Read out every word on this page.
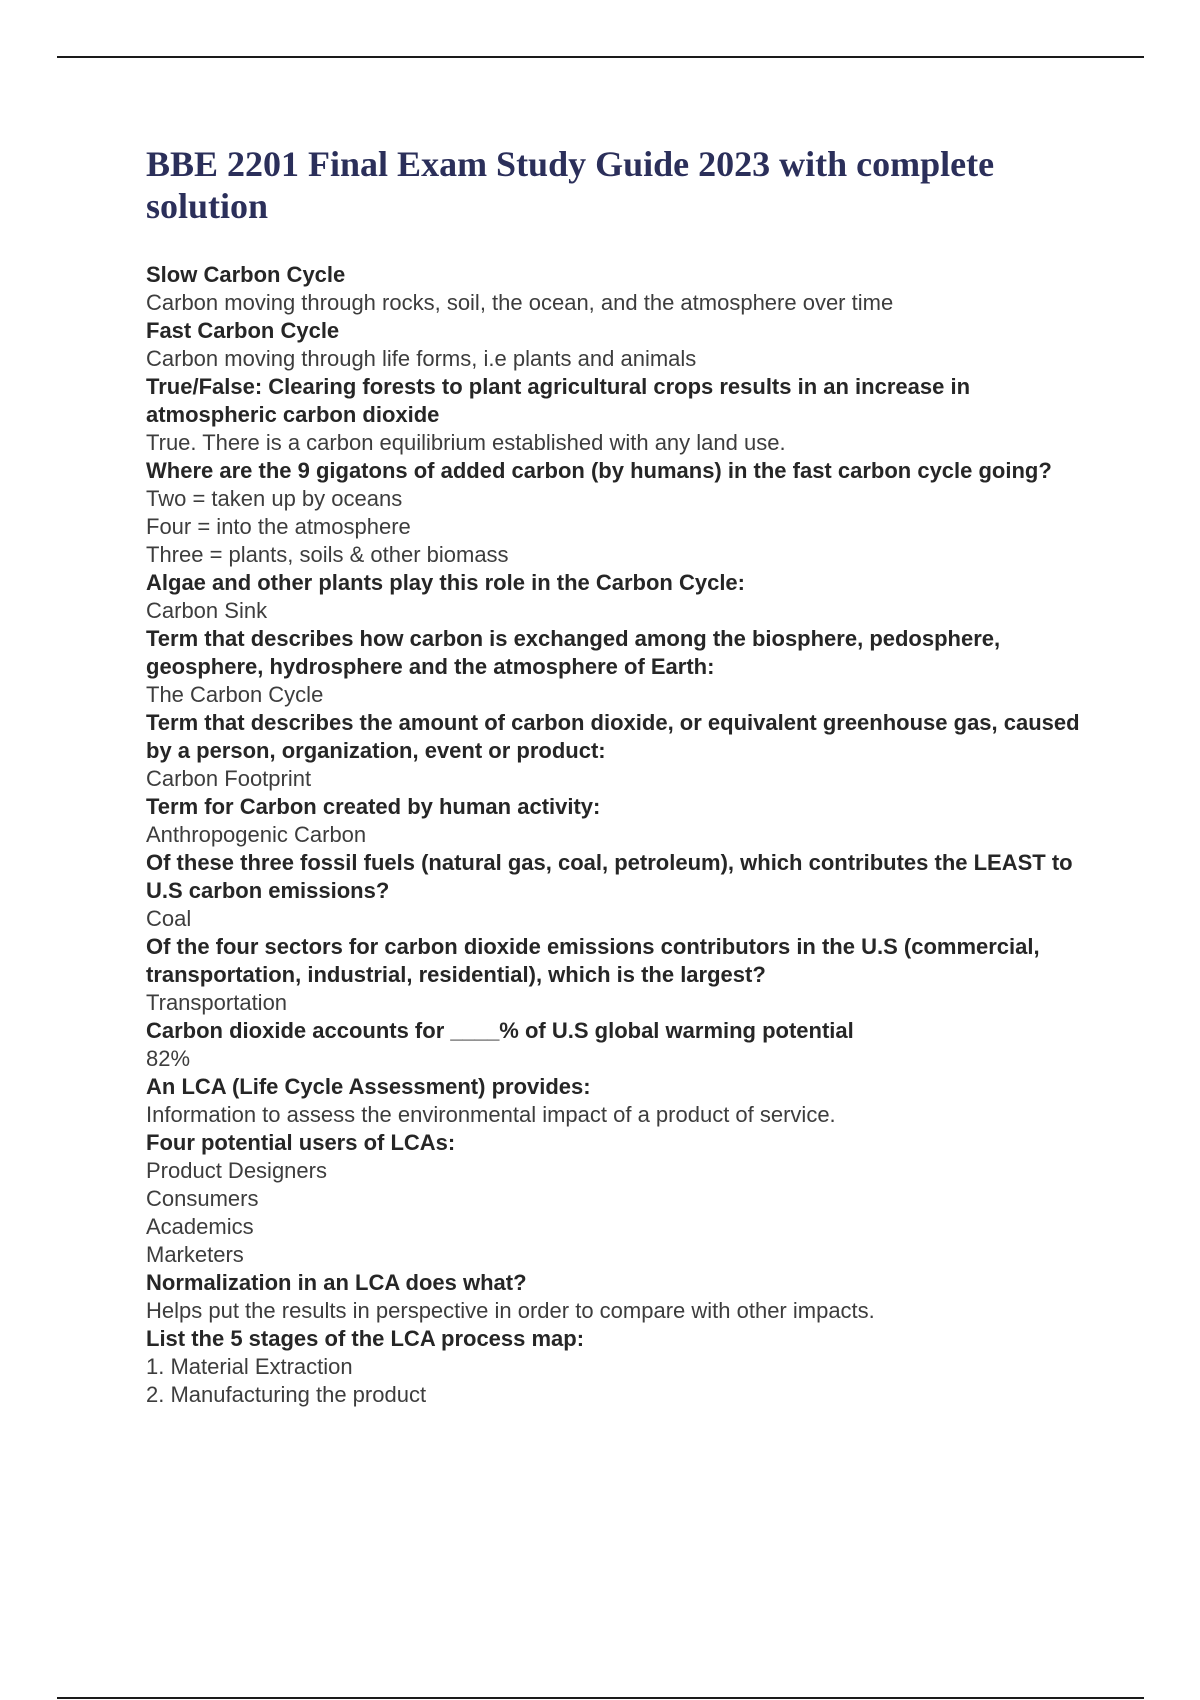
BBE 2201 Final Exam Study Guide 2023 with complete solution

Slow Carbon Cycle

Carbon moving through rocks, soil, the ocean, and the atmosphere over time

Fast Carbon Cycle

Carbon moving through life forms, i.e plants and animals

True/False: Clearing forests to plant agricultural crops results in an increase in atmospheric carbon dioxide

True. There is a carbon equilibrium established with any land use.

Where are the 9 gigatons of added carbon (by humans) in the fast carbon cycle going?

Two = taken up by oceans
Four = into the atmosphere
Three = plants, soils & other biomass

Algae and other plants play this role in the Carbon Cycle:

Carbon Sink

Term that describes how carbon is exchanged among the biosphere, pedosphere, geosphere, hydrosphere and the atmosphere of Earth:

The Carbon Cycle

Term that describes the amount of carbon dioxide, or equivalent greenhouse gas, caused by a person, organization, event or product:

Carbon Footprint

Term for Carbon created by human activity:

Anthropogenic Carbon

Of these three fossil fuels (natural gas, coal, petroleum), which contributes the LEAST to U.S carbon emissions?

Coal

Of the four sectors for carbon dioxide emissions contributors in the U.S (commercial, transportation, industrial, residential), which is the largest?

Transportation

Carbon dioxide accounts for ____% of U.S global warming potential

82%

An LCA (Life Cycle Assessment) provides:

Information to assess the environmental impact of a product of service.

Four potential users of LCAs:

Product Designers
Consumers
Academics
Marketers

Normalization in an LCA does what?

Helps put the results in perspective in order to compare with other impacts.

List the 5 stages of the LCA process map:

1. Material Extraction
2. Manufacturing the product
